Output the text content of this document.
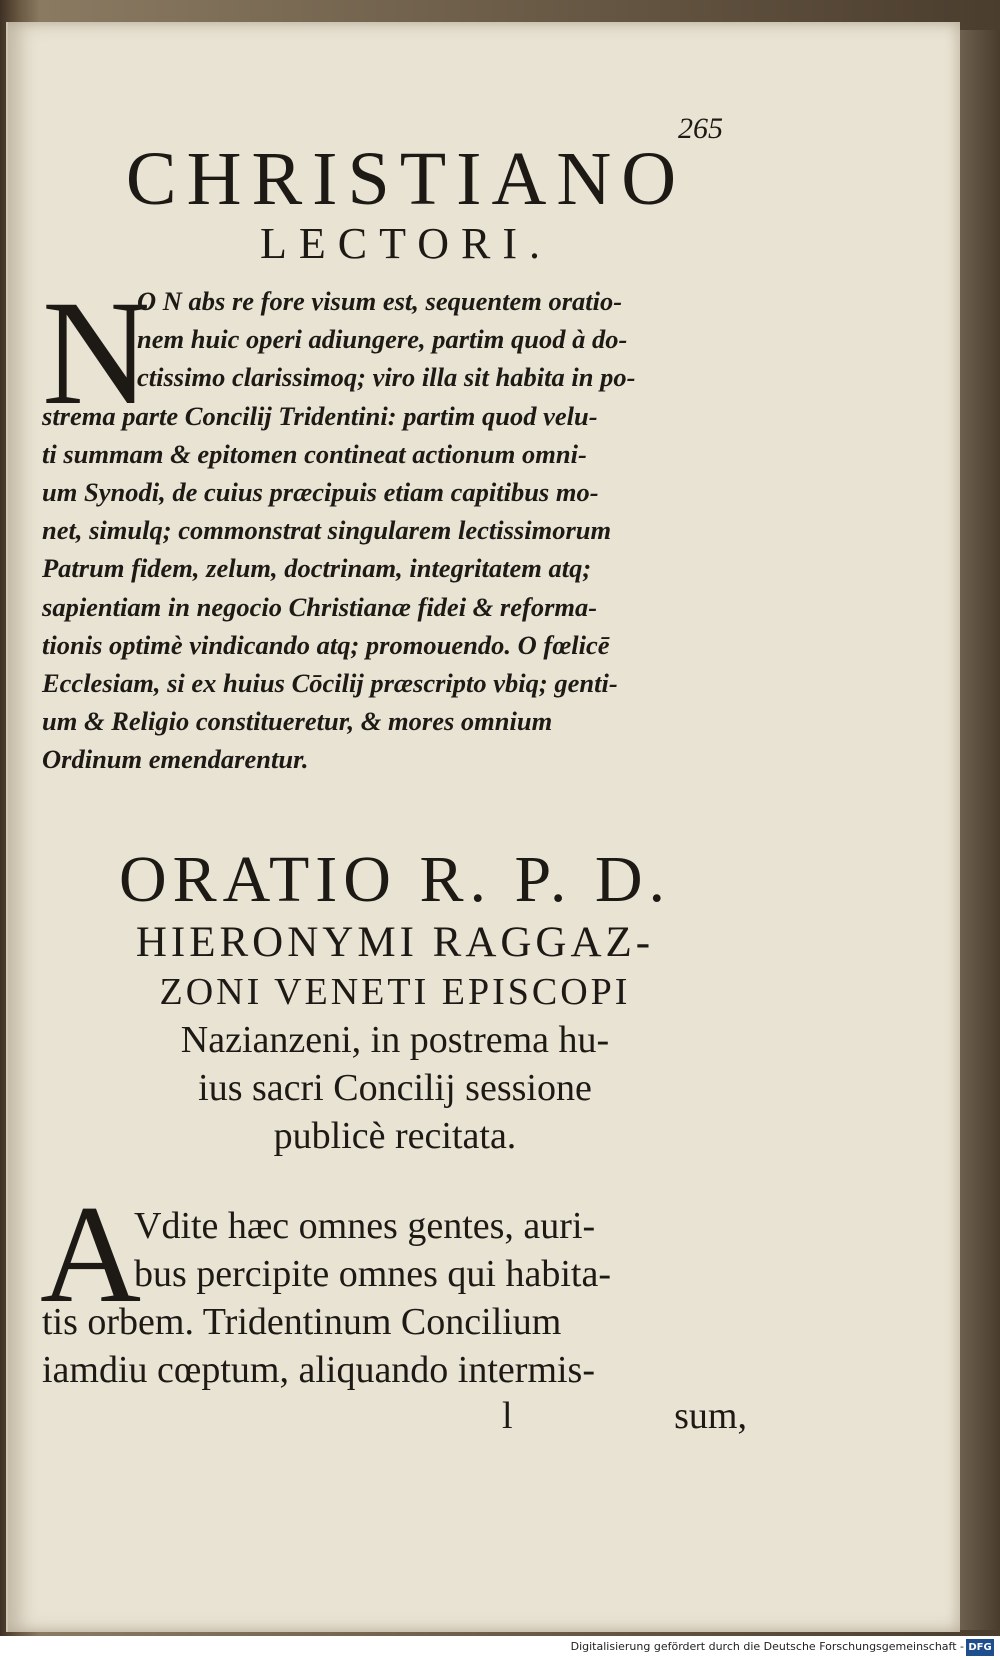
265
CHRISTIANO
LECTORI.
N
O N abs re fore visum est, sequentem oratio-
nem huic operi adiungere, partim quod à do-
ctissimo clarissimoq; viro illa sit habita in po-
strema parte Concilij Tridentini: partim quod velu-
ti summam & epitomen contineat actionum omni-
um Synodi, de cuius præcipuis etiam capitibus mo-
net, simulq; commonstrat singularem lectissimorum
Patrum fidem, zelum, doctrinam, integritatem atq;
sapientiam in negocio Christianæ fidei & reforma-
tionis optimè vindicando atq; promouendo. O fœlicē
Ecclesiam, si ex huius Cōcilij præscripto vbiq; genti-
um & Religio constitueretur, & mores omnium
Ordinum emendarentur.
ORATIO R. P. D.
HIERONYMI RAGGAZ-
ZONI VENETI EPISCOPI
Nazianzeni, in postrema hu-
ius sacri Concilij sessione
publicè recitata.
A
Vdite hæc omnes gentes, auri-
bus percipite omnes qui habita-
tis orbem. Tridentinum Concilium
iamdiu cœptum, aliquando intermis-
l	sum,
Digitalisierung gefördert durch die Deutsche Forschungsgemeinschaft - DFG
